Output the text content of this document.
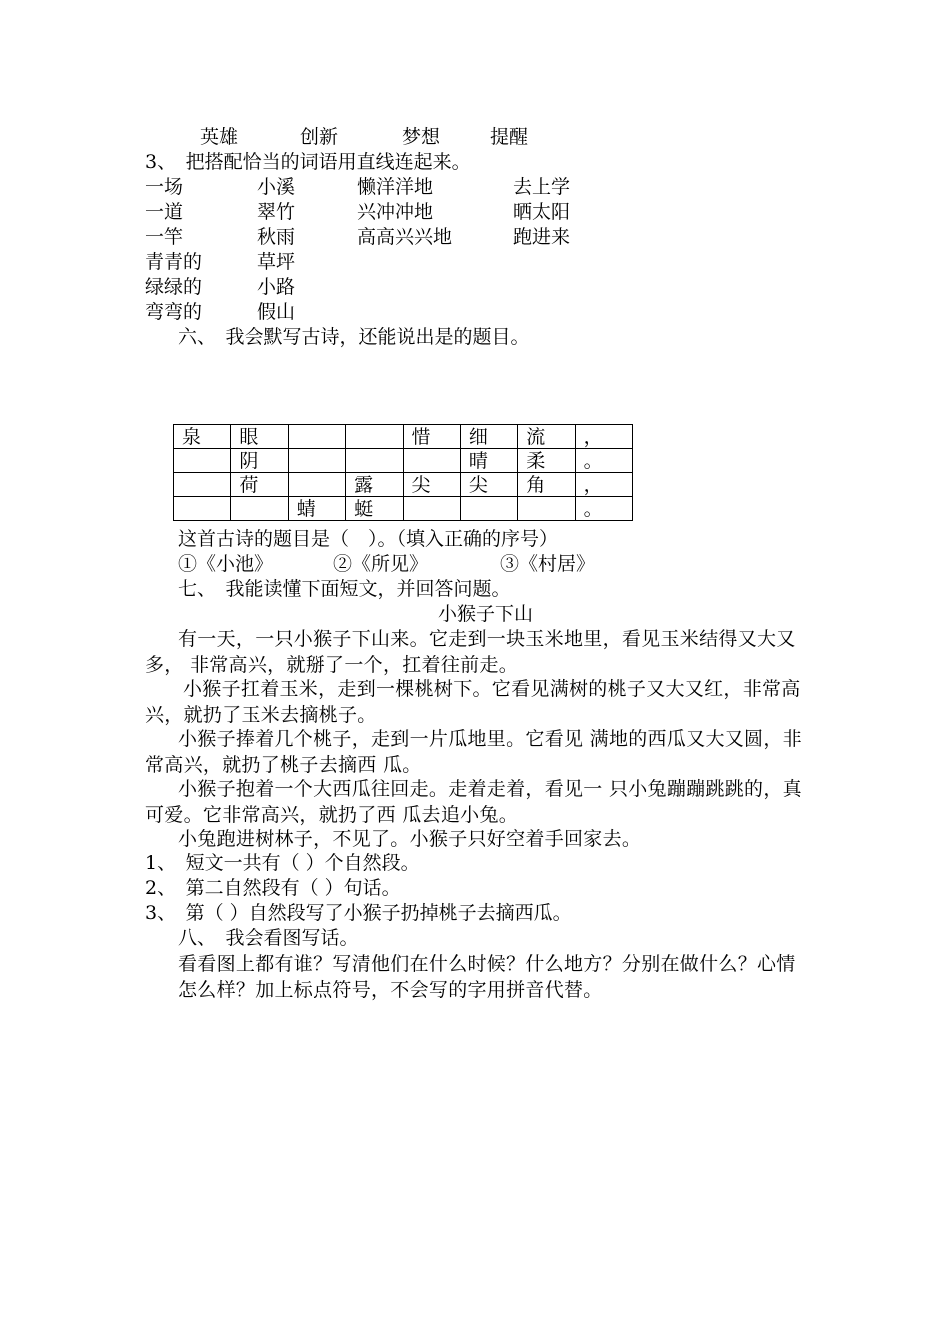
英雄	创新	梦想	提醒
3、　把搭配恰当的词语用直线连起来。
一场	小溪	懒洋洋地	去上学
一道	翠竹	兴冲冲地	晒太阳
一竿	秋雨	高高兴兴地	跑进来
青青的	草坪
绿绿的	小路
弯弯的	假山
六、　我会默写古诗，还能说出是的题目。
泉	眼			惜	细	流	，
	阴				晴	柔	。
	荷		露	尖	尖	角	，
		蜻	蜓				。
这首古诗的题目是（　）。（填入正确的序号）
①《小池》	②《所见》	③《村居》
七、　我能读懂下面短文，并回答问题。
小猴子下山
有一天，一只小猴子下山来。它走到一块玉米地里，看见玉米结得又大又多， 非常高兴，就掰了一个，扛着往前走。
小猴子扛着玉米，走到一棵桃树下。它看见满树的桃子又大又红，非常高兴，就扔了玉米去摘桃子。
小猴子捧着几个桃子，走到一片瓜地里。它看见 满地的西瓜又大又圆，非常高兴，就扔了桃子去摘西 瓜。
小猴子抱着一个大西瓜往回走。走着走着，看见一 只小兔蹦蹦跳跳的，真可爱。它非常高兴，就扔了西 瓜去追小兔。
小兔跑进树林子，不见了。小猴子只好空着手回家去。
1、　短文一共有（ ）个自然段。
2、　第二自然段有（ ）句话。
3、　第（ ）自然段写了小猴子扔掉桃子去摘西瓜。
八、　我会看图写话。
看看图上都有谁？写清他们在什么时候？什么地方？分别在做什么？心情怎么样？加上标点符号，不会写的字用拼音代替。
